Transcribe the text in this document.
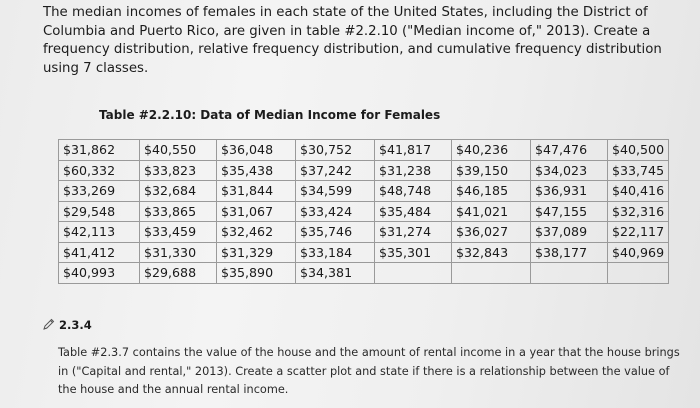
The median incomes of females in each state of the United States, including the District of Columbia and Puerto Rico, are given in table #2.2.10 ("Median income of," 2013). Create a frequency distribution, relative frequency distribution, and cumulative frequency distribution using 7 classes.
Table #2.2.10: Data of Median Income for Females
$31,862	$40,550	$36,048	$30,752	$41,817	$40,236	$47,476	$40,500
$60,332	$33,823	$35,438	$37,242	$31,238	$39,150	$34,023	$33,745
$33,269	$32,684	$31,844	$34,599	$48,748	$46,185	$36,931	$40,416
$29,548	$33,865	$31,067	$33,424	$35,484	$41,021	$47,155	$32,316
$42,113	$33,459	$32,462	$35,746	$31,274	$36,027	$37,089	$22,117
$41,412	$31,330	$31,329	$33,184	$35,301	$32,843	$38,177	$40,969
$40,993	$29,688	$35,890	$34,381				
2.3.4
Table #2.3.7 contains the value of the house and the amount of rental income in a year that the house brings in ("Capital and rental," 2013). Create a scatter plot and state if there is a relationship between the value of the house and the annual rental income.
